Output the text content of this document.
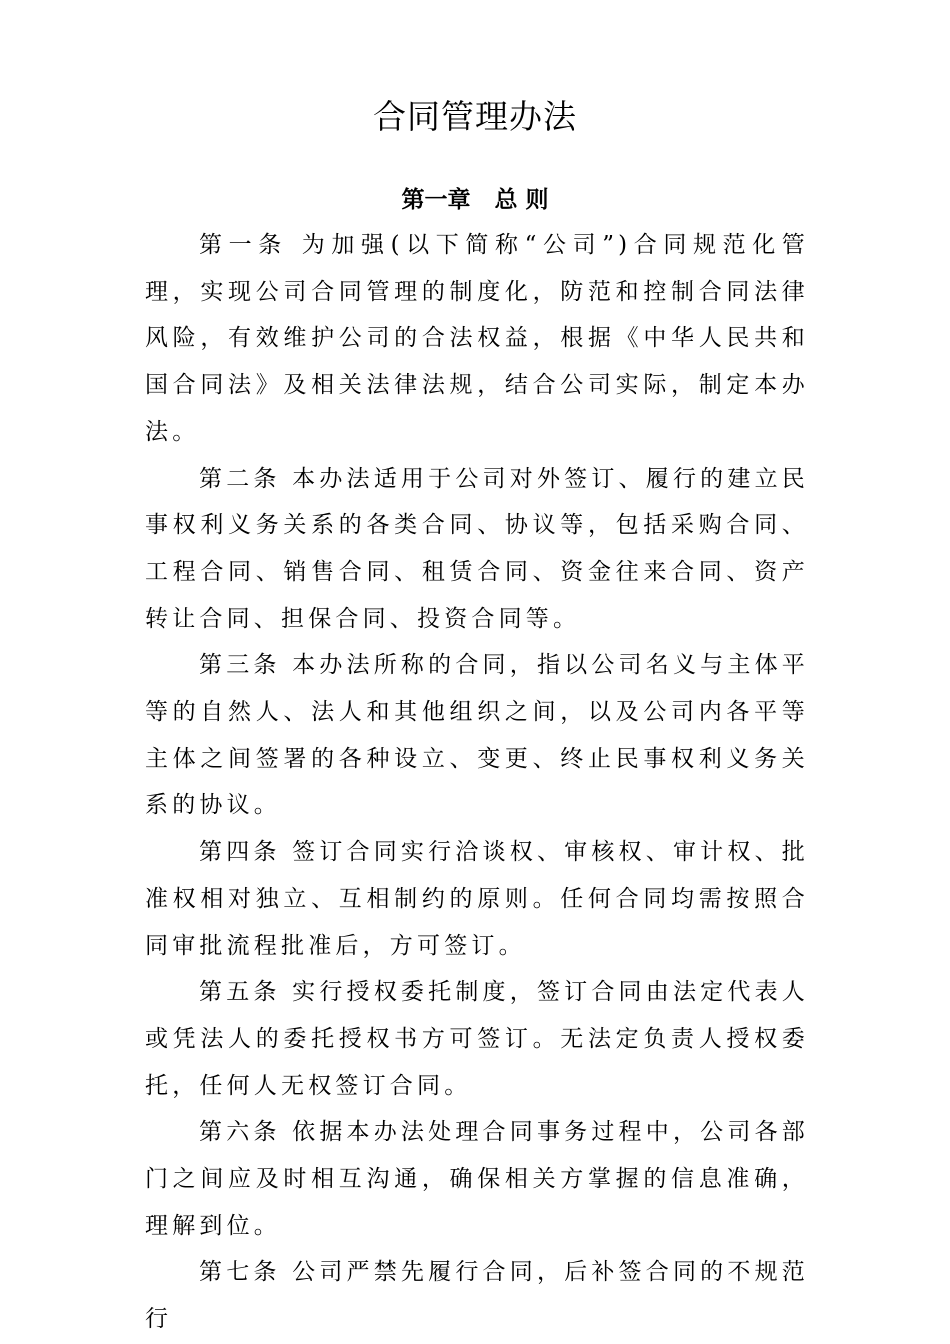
合同管理办法
第一章   总 则

第一条 为加强(以下简称“公司”)合同规范化管理，实现公司合同管理的制度化，防范和控制合同法律风险，有效维护公司的合法权益，根据《中华人民共和国合同法》及相关法律法规，结合公司实际，制定本办法。

第二条 本办法适用于公司对外签订、履行的建立民事权利义务关系的各类合同、协议等，包括采购合同、工程合同、销售合同、租赁合同、资金往来合同、资产转让合同、担保合同、投资合同等。

第三条 本办法所称的合同，指以公司名义与主体平等的自然人、法人和其他组织之间，以及公司内各平等主体之间签署的各种设立、变更、终止民事权利义务关系的协议。

第四条 签订合同实行洽谈权、审核权、审计权、批准权相对独立、互相制约的原则。任何合同均需按照合同审批流程批准后，方可签订。

第五条 实行授权委托制度，签订合同由法定代表人或凭法人的委托授权书方可签订。无法定负责人授权委托，任何人无权签订合同。

第六条 依据本办法处理合同事务过程中，公司各部门之间应及时相互沟通，确保相关方掌握的信息准确，理解到位。

第七条 公司严禁先履行合同，后补签合同的不规范行
